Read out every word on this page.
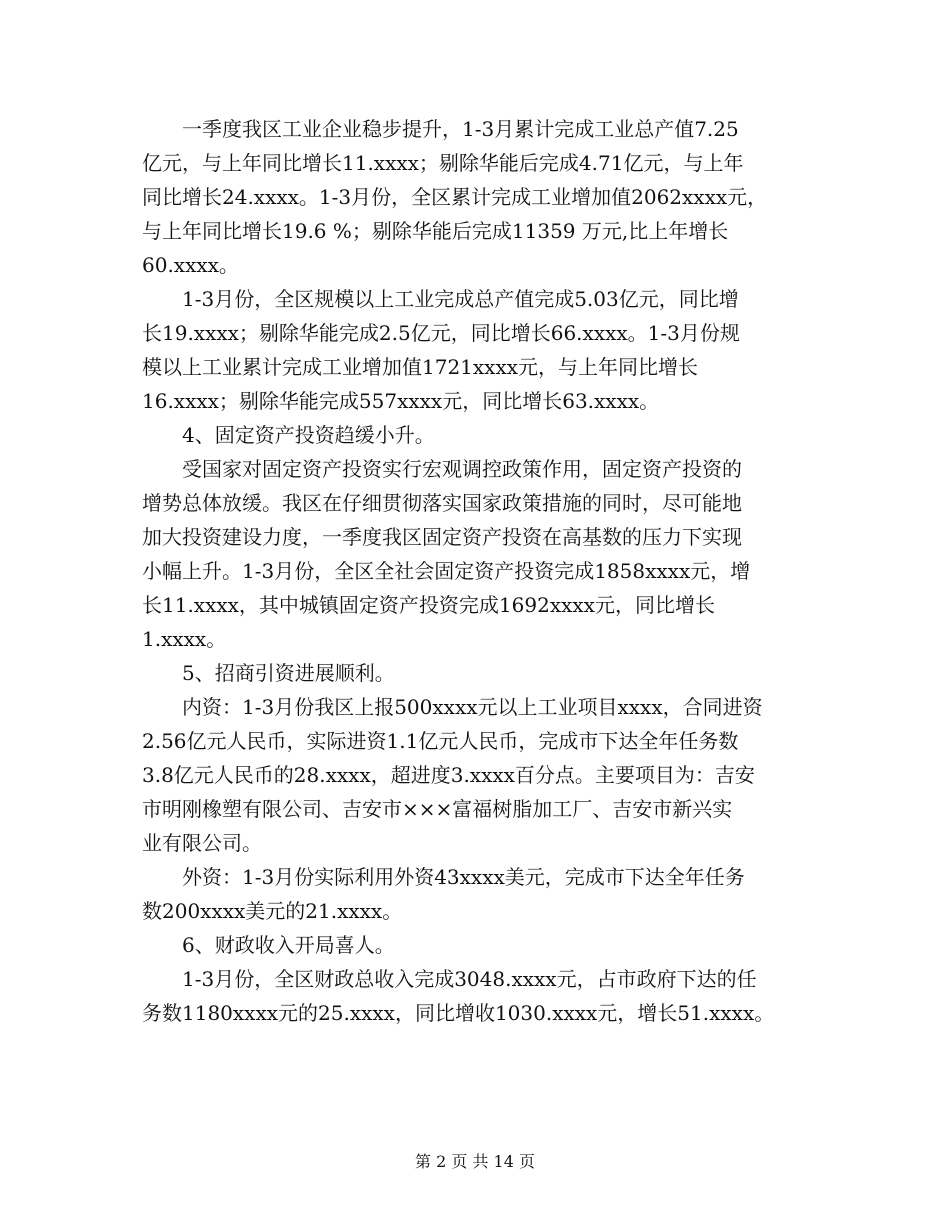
　　一季度我区工业企业稳步提升，1-3月累计完成工业总产值7.25

亿元，与上年同比增长11.xxxx；剔除华能后完成4.71亿元，与上年

同比增长24.xxxx。1-3月份，全区累计完成工业增加值2062xxxx元，

与上年同比增长19.6 %；剔除华能后完成11359 万元,比上年增长

60.xxxx。

　　1-3月份，全区规模以上工业完成总产值完成5.03亿元，同比增

长19.xxxx；剔除华能完成2.5亿元，同比增长66.xxxx。1-3月份规

模以上工业累计完成工业增加值1721xxxx元，与上年同比增长

16.xxxx；剔除华能完成557xxxx元，同比增长63.xxxx。

　　4、固定资产投资趋缓小升。

　　受国家对固定资产投资实行宏观调控政策作用，固定资产投资的

增势总体放缓。我区在仔细贯彻落实国家政策措施的同时，尽可能地

加大投资建设力度，一季度我区固定资产投资在高基数的压力下实现

小幅上升。1-3月份，全区全社会固定资产投资完成1858xxxx元，增

长11.xxxx，其中城镇固定资产投资完成1692xxxx元，同比增长

1.xxxx。

　　5、招商引资进展顺利。

　　内资：1-3月份我区上报500xxxx元以上工业项目xxxx，合同进资

2.56亿元人民币，实际进资1.1亿元人民币，完成市下达全年任务数

3.8亿元人民币的28.xxxx，超进度3.xxxx百分点。主要项目为：吉安

市明刚橡塑有限公司、吉安市×××富福树脂加工厂、吉安市新兴实

业有限公司。

　　外资：1-3月份实际利用外资43xxxx美元，完成市下达全年任务

数200xxxx美元的21.xxxx。

　　6、财政收入开局喜人。

　　1-3月份，全区财政总收入完成3048.xxxx元，占市政府下达的任

务数1180xxxx元的25.xxxx，同比增收1030.xxxx元，增长51.xxxx。

第 2 页 共 14 页
